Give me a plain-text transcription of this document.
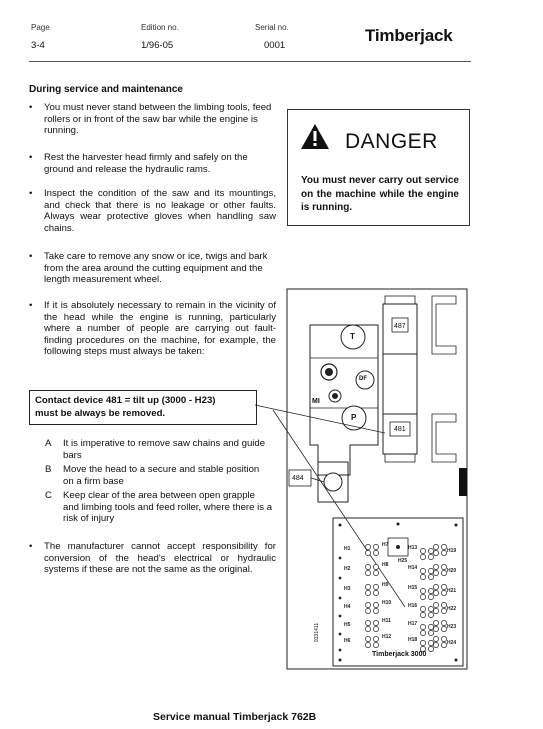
Page
3-4
Edition no.
1/96-05
Serial no.
0001
Timberjack
During service and maintenance
•	You must never stand between the limbing tools, feed rollers or in front of the saw bar while the engine is running.
•	Rest the harvester head firmly and safely on the ground and release the hydraulic rams.
•	Inspect the condition of the saw and its mountings, and check that there is no leakage or other faults. Always wear protective gloves when handling saw chains.
•	Take care to remove any snow or ice, twigs and bark from the area around the cutting equipment and the length measurement wheel.
•	If it is absolutely necessary to remain in the vicinity of the head while the engine is running, particularly where a number of people are carrying out fault-finding procedures on the machine, for example, the following steps must always be taken:
Contact device 481 = tilt up (3000 - H23)
must be always be removed.
A	It is imperative to remove saw chains and guide bars
B	Move the head to a secure and stable position on a firm base
C	Keep clear of the area between open grapple and limbing tools and feed roller, where there is a risk of injury
•	The manufacturer cannot accept responsibility for conversion of the head's electrical or hydraulic systems if these are not the same as the original.
DANGER
You must never carry out service on the machine while the engine is running.
H1
H2
H3
H4
H5
H6
H7
H8
H9
H10
H11
H12
H13
H14
H15
H16
H17
H18
H19
H20
H21
H22
H23
H24
H25
487
481
484
T
P
DF
MI
Timberjack 3000
9331411
Service manual Timberjack 762B
